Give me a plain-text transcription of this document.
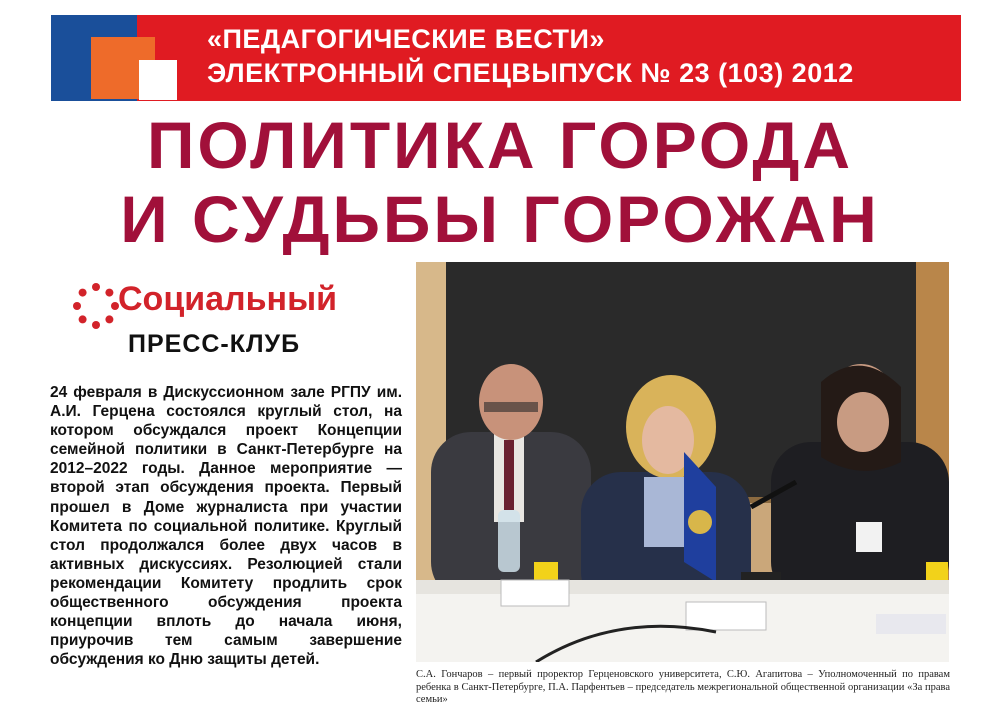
«ПЕДАГОГИЧЕСКИЕ ВЕСТИ»
ЭЛЕКТРОННЫЙ СПЕЦВЫПУСК № 23 (103) 2012
ПОЛИТИКА ГОРОДА
И СУДЬБЫ ГОРОЖАН
Социальный
ПРЕСС-КЛУБ

24 февраля в Дискуссионном зале РГПУ им. А.И. Герцена состоялся круглый стол, на котором обсуждался проект Концепции семейной политики в Санкт-Петербурге на 2012–2022 годы. Данное мероприятие — второй этап обсуждения проекта. Первый прошел в Доме журналиста при участии Комитета по социальной политике. Круглый стол продолжался более двух часов в активных дискуссиях. Резолюцией стали рекомендации Комитету продлить срок общественного обсуждения проекта концепции вплоть до начала июня, приурочив тем самым завершение обсуждения ко Дню защиты детей.

С.А. Гончаров – первый проректор Герценовского университета, С.Ю. Агапитова – Уполномоченный по правам ребенка в Санкт-Петербурге, П.А. Парфентьев – председатель межрегиональной общественной организации «За права семьи»
